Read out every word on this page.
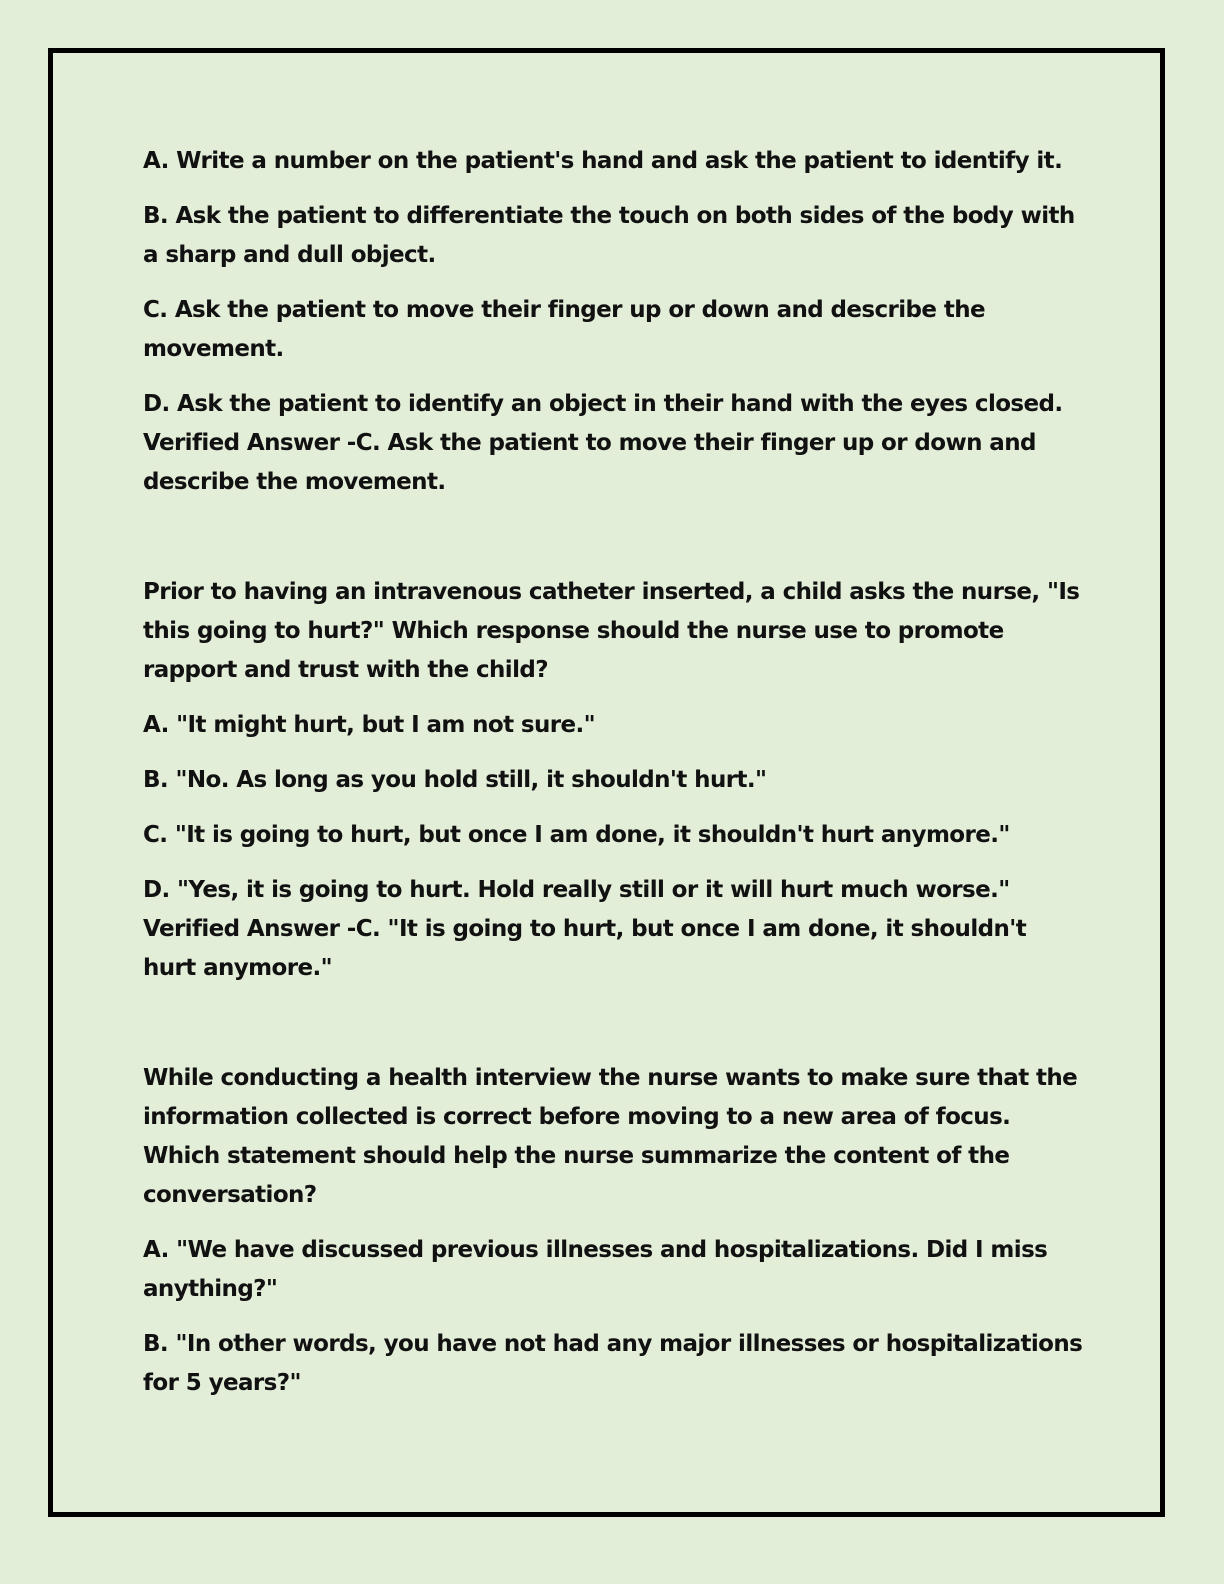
A. Write a number on the patient's hand and ask the patient to identify it.

B. Ask the patient to differentiate the touch on both sides of the body with a sharp and dull object.

C. Ask the patient to move their finger up or down and describe the movement.

D. Ask the patient to identify an object in their hand with the eyes closed.
Verified Answer -C. Ask the patient to move their finger up or down and describe the movement.

Prior to having an intravenous catheter inserted, a child asks the nurse, "Is this going to hurt?" Which response should the nurse use to promote rapport and trust with the child?

A. "It might hurt, but I am not sure."

B. "No. As long as you hold still, it shouldn't hurt."

C. "It is going to hurt, but once I am done, it shouldn't hurt anymore."

D. "Yes, it is going to hurt. Hold really still or it will hurt much worse."
Verified Answer -C. "It is going to hurt, but once I am done, it shouldn't hurt anymore."

While conducting a health interview the nurse wants to make sure that the information collected is correct before moving to a new area of focus. Which statement should help the nurse summarize the content of the conversation?

A. "We have discussed previous illnesses and hospitalizations. Did I miss anything?"

B. "In other words, you have not had any major illnesses or hospitalizations for 5 years?"
